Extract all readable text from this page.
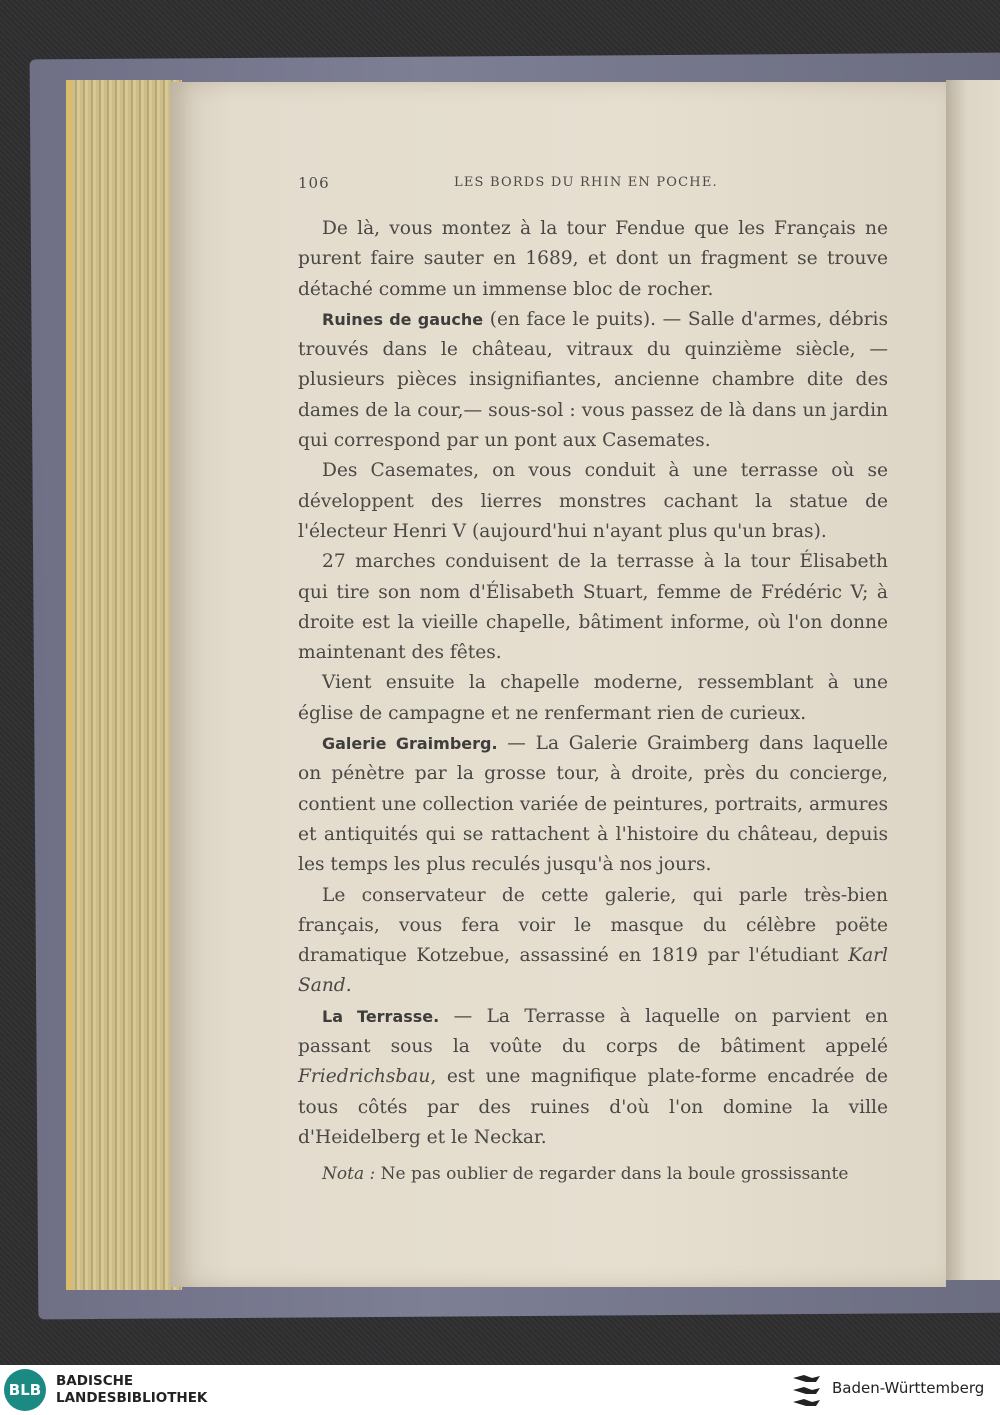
106	LES BORDS DU RHIN EN POCHE.

De là, vous montez à la tour Fendue que les Français ne purent faire sauter en 1689, et dont un fragment se trouve détaché comme un immense bloc de rocher.

Ruines de gauche (en face le puits). — Salle d'armes, débris trouvés dans le château, vitraux du quinzième siècle, — plusieurs pièces insignifiantes, ancienne chambre dite des dames de la cour,— sous-sol : vous passez de là dans un jardin qui correspond par un pont aux Casemates.

Des Casemates, on vous conduit à une terrasse où se développent des lierres monstres cachant la statue de l'électeur Henri V (aujourd'hui n'ayant plus qu'un bras).

27 marches conduisent de la terrasse à la tour Élisabeth qui tire son nom d'Élisabeth Stuart, femme de Frédéric V; à droite est la vieille chapelle, bâtiment informe, où l'on donne maintenant des fêtes.

Vient ensuite la chapelle moderne, ressemblant à une église de campagne et ne renfermant rien de curieux.

Galerie Graimberg. — La Galerie Graimberg dans laquelle on pénètre par la grosse tour, à droite, près du concierge, contient une collection variée de peintures, portraits, armures et antiquités qui se rattachent à l'histoire du château, depuis les temps les plus reculés jusqu'à nos jours.

Le conservateur de cette galerie, qui parle très-bien français, vous fera voir le masque du célèbre poëte dramatique Kotzebue, assassiné en 1819 par l'étudiant Karl Sand.

La Terrasse. — La Terrasse à laquelle on parvient en passant sous la voûte du corps de bâtiment appelé Friedrichsbau, est une magnifique plate-forme encadrée de tous côtés par des ruines d'où l'on domine la ville d'Heidelberg et le Neckar.

Nota : Ne pas oublier de regarder dans la boule grossissante

BLB	BADISCHE
LANDESBIBLIOTHEK
Baden-Württemberg
